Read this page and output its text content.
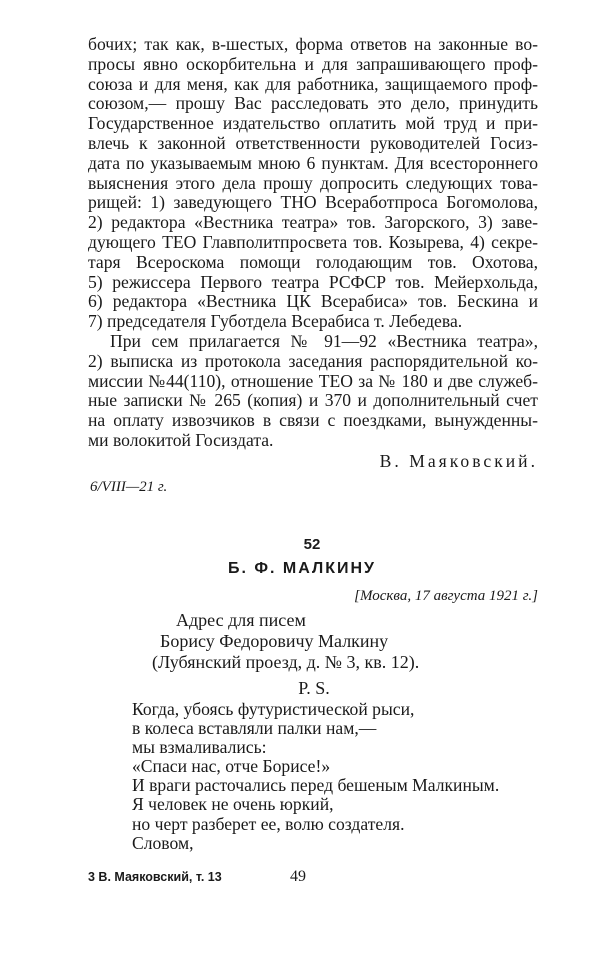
бочих; так как, в-шестых, форма ответов на законные во-
просы явно оскорбительна и для запрашивающего проф-
союза и для меня, как для работника, защищаемого проф-
союзом,— прошу Вас расследовать это дело, принудить
Государственное издательство оплатить мой труд и при-
влечь к законной ответственности руководителей Госиз-
дата по указываемым мною 6 пунктам. Для всестороннего
выяснения этого дела прошу допросить следующих това-
рищей: 1) заведующего ТНО Всеработпроса Богомолова,
2) редактора «Вестника театра» тов. Загорского, 3) заве-
дующего ТЕО Главполитпросвета тов. Козырева, 4) секре-
таря Всероскома помощи голодающим тов. Охотова,
5) режиссера Первого театра РСФСР тов. Мейерхольда,
6) редактора «Вестника ЦК Всерабиса» тов. Бескина и
7) председателя Губотдела Всерабиса т. Лебедева.
При сем прилагается № 91—92 «Вестника театра»,
2) выписка из протокола заседания распорядительной ко-
миссии №44(110), отношение ТЕО за № 180 и две служеб-
ные записки № 265 (копия) и 370 и дополнительный счет
на оплату извозчиков в связи с поездками, вынужденны-
ми волокитой Госиздата.
В. Маяковский.
6/VIII—21 г.
52
Б. Ф. МАЛКИНУ
[Москва, 17 августа 1921 г.]
Адрес для писем
Борису Федоровичу Малкину
(Лубянский проезд, д. № 3, кв. 12).
P. S.
Когда, убоясь футуристической рыси,
в колеса вставляли палки нам,—
мы взмаливались:
«Спаси нас, отче Борисе!»
И враги расточались перед бешеным Малкиным.
Я человек не очень юркий,
но черт разберет ее, волю создателя.
Словом,
3 В. Маяковский, т. 13	49
